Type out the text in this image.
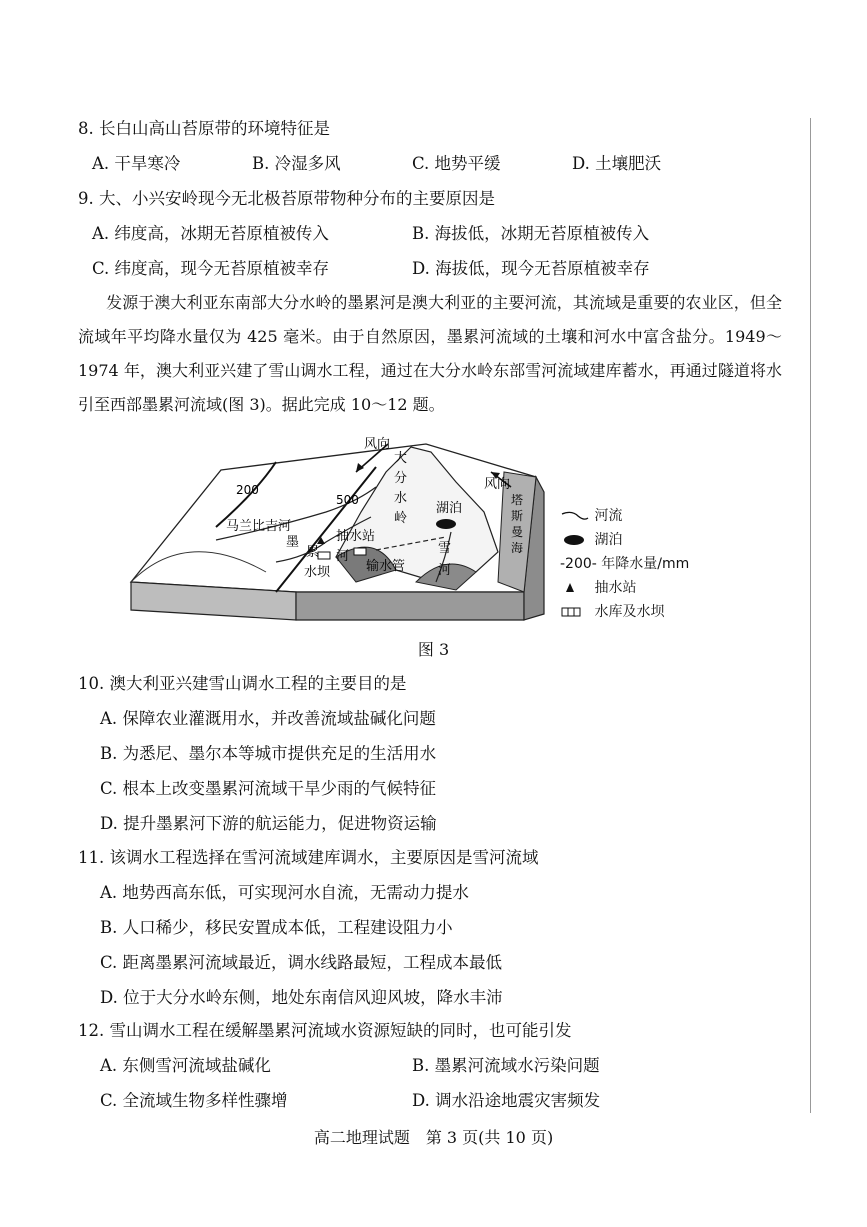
8. 长白山高山苔原带的环境特征是
A. 干旱寒冷	B. 冷湿多风	C. 地势平缓	D. 土壤肥沃
9. 大、小兴安岭现今无北极苔原带物种分布的主要原因是
A. 纬度高，冰期无苔原植被传入	B. 海拔低，冰期无苔原植被传入
C. 纬度高，现今无苔原植被幸存	D. 海拔低，现今无苔原植被幸存
发源于澳大利亚东南部大分水岭的墨累河是澳大利亚的主要河流，其流域是重要的农业区，但全流域年平均降水量仅为 425 毫米。由于自然原因，墨累河流域的土壤和河水中富含盐分。1949～1974 年，澳大利亚兴建了雪山调水工程，通过在大分水岭东部雪河流域建库蓄水，再通过隧道将水引至西部墨累河流域(图 3)。据此完成 10～12 题。
风向
风向
200
500
大
分
水
岭
湖泊
马兰比吉河
墨
累 河
抽水站
水坝	输水管
雪
河
塔
斯
曼
海
河流
湖泊
-200- 年降水量/mm
抽水站
水库及水坝
图 3
10. 澳大利亚兴建雪山调水工程的主要目的是
A. 保障农业灌溉用水，并改善流域盐碱化问题
B. 为悉尼、墨尔本等城市提供充足的生活用水
C. 根本上改变墨累河流域干旱少雨的气候特征
D. 提升墨累河下游的航运能力，促进物资运输
11. 该调水工程选择在雪河流域建库调水，主要原因是雪河流域
A. 地势西高东低，可实现河水自流，无需动力提水
B. 人口稀少，移民安置成本低，工程建设阻力小
C. 距离墨累河流域最近，调水线路最短，工程成本最低
D. 位于大分水岭东侧，地处东南信风迎风坡，降水丰沛
12. 雪山调水工程在缓解墨累河流域水资源短缺的同时，也可能引发
A. 东侧雪河流域盐碱化	B. 墨累河流域水污染问题
C. 全流域生物多样性骤增	D. 调水沿途地震灾害频发
高二地理试题　第 3 页(共 10 页)
